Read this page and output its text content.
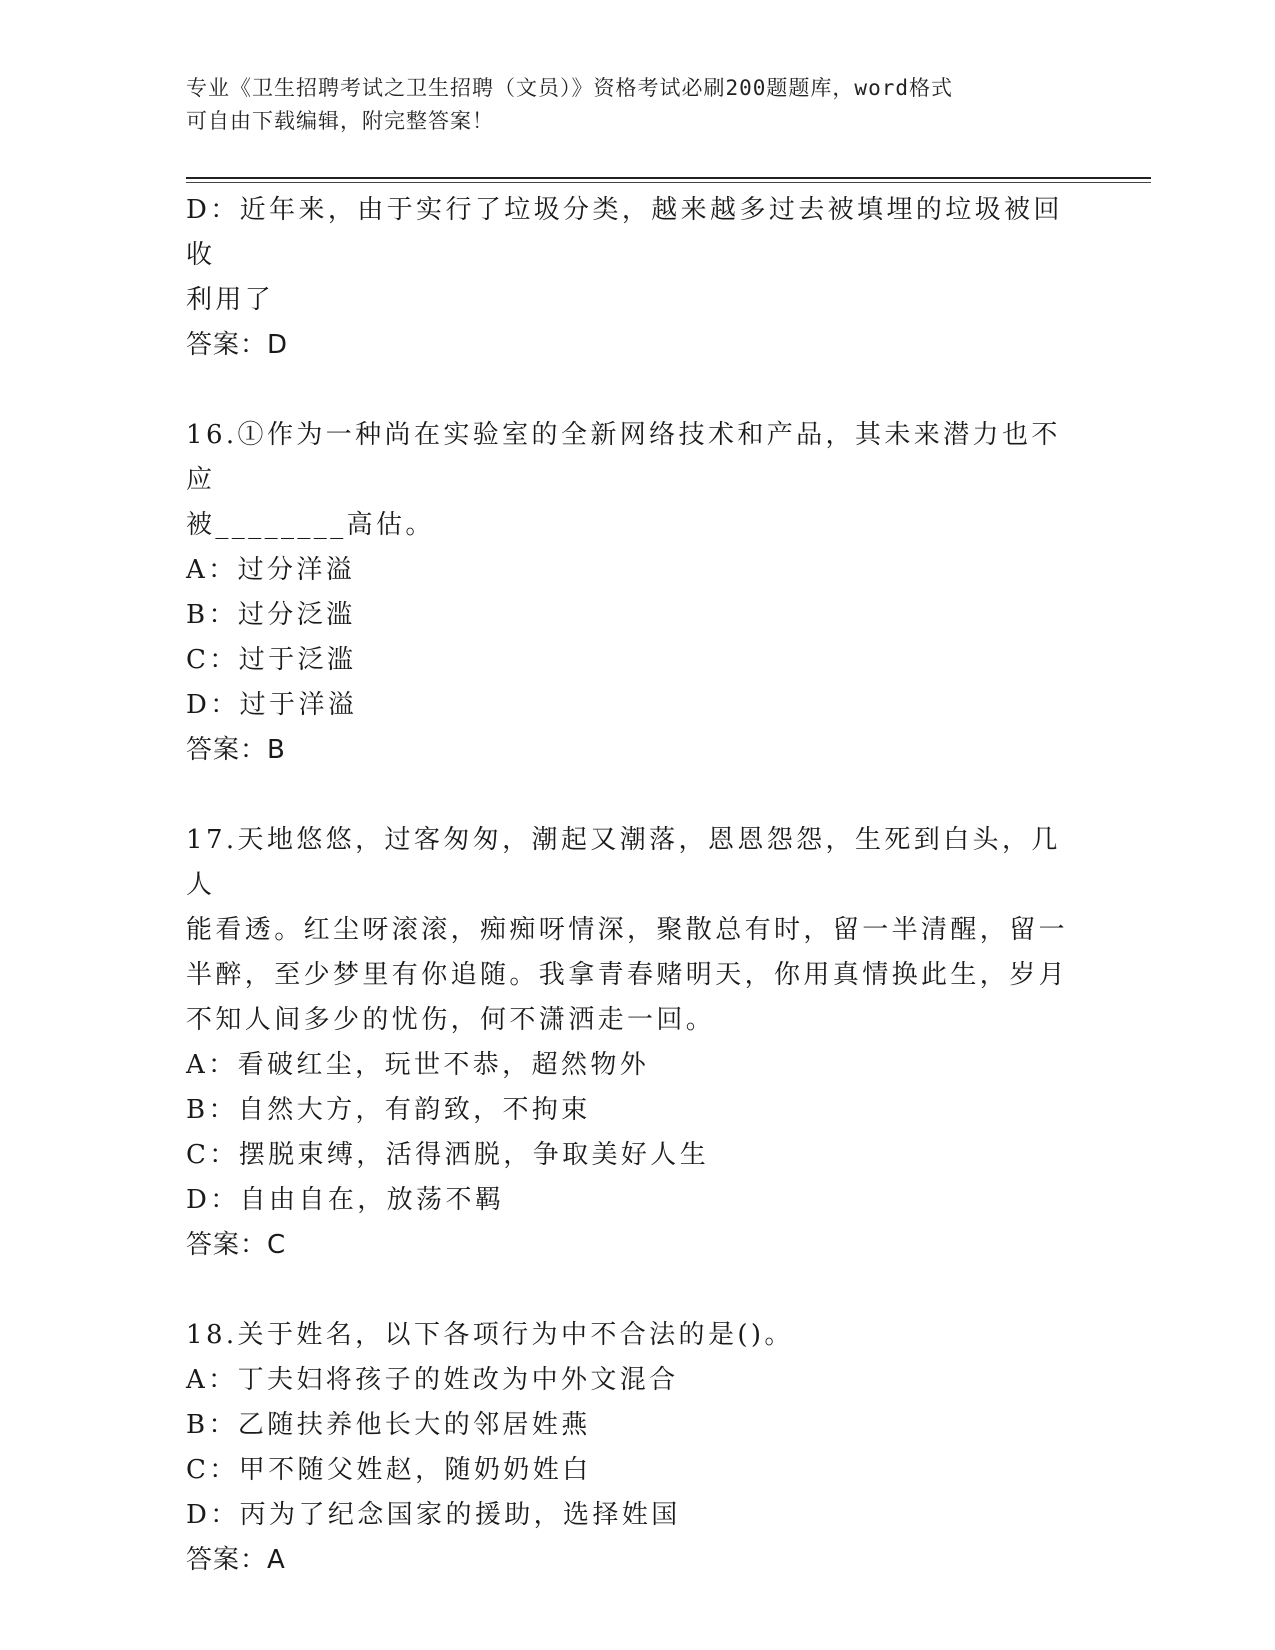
专业《卫生招聘考试之卫生招聘（文员）》资格考试必刷200题题库，word格式
可自由下载编辑，附完整答案！
D：近年来，由于实行了垃圾分类，越来越多过去被填埋的垃圾被回收
利用了
答案：D
16.①作为一种尚在实验室的全新网络技术和产品，其未来潜力也不应
被________高估。
A：过分洋溢
B：过分泛滥
C：过于泛滥
D：过于洋溢
答案：B
17.天地悠悠，过客匆匆，潮起又潮落，恩恩怨怨，生死到白头，几人
能看透。红尘呀滚滚，痴痴呀情深，聚散总有时，留一半清醒，留一
半醉，至少梦里有你追随。我拿青春赌明天，你用真情换此生，岁月
不知人间多少的忧伤，何不潇洒走一回。
A：看破红尘，玩世不恭，超然物外
B：自然大方，有韵致，不拘束
C：摆脱束缚，活得洒脱，争取美好人生
D：自由自在，放荡不羁
答案：C
18.关于姓名，以下各项行为中不合法的是()。
A：丁夫妇将孩子的姓改为中外文混合
B：乙随扶养他长大的邻居姓燕
C：甲不随父姓赵，随奶奶姓白
D：丙为了纪念国家的援助，选择姓国
答案：A
